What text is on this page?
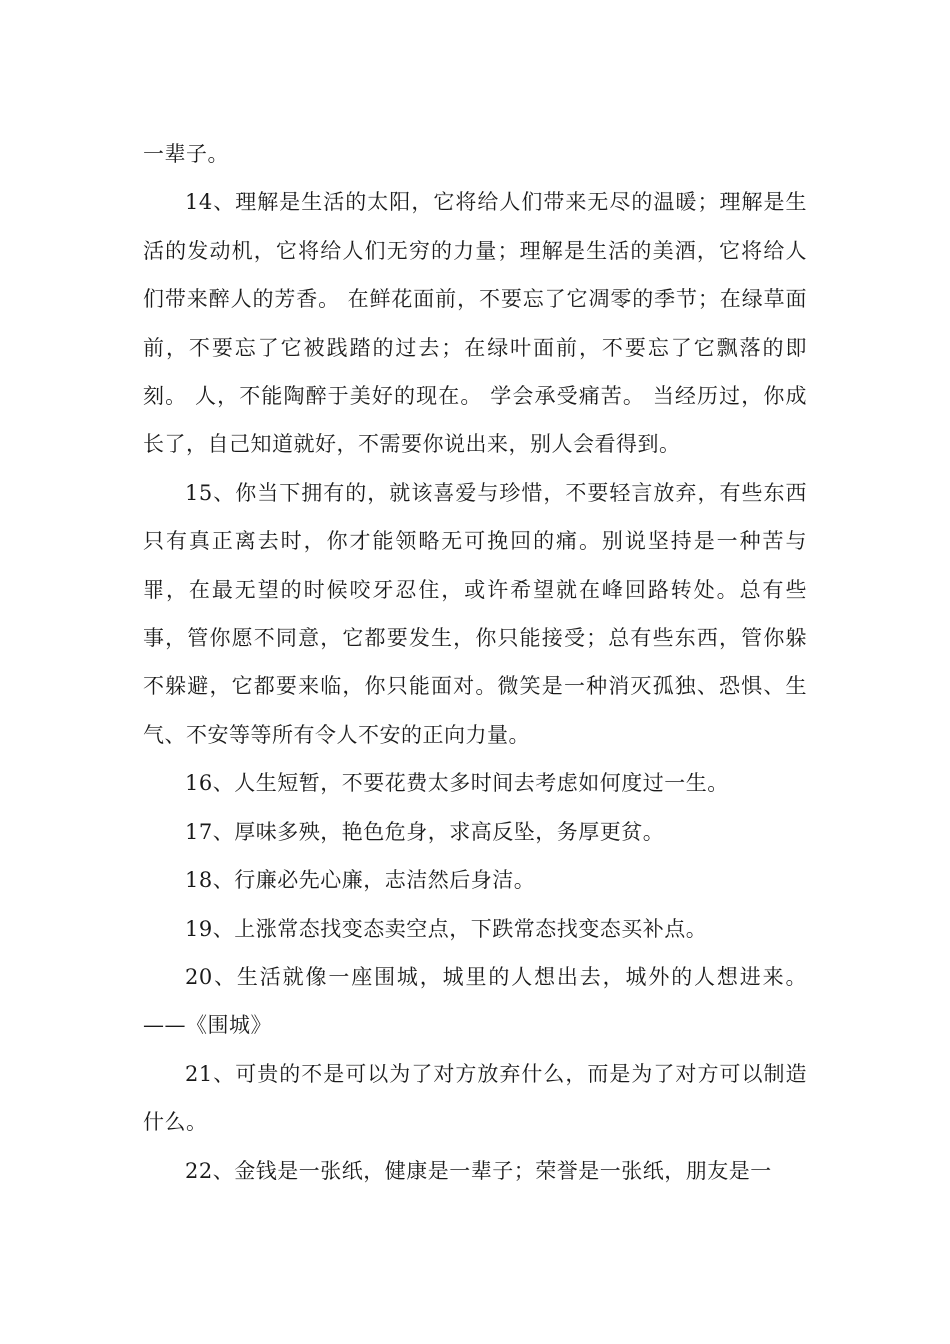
一辈子。

14、理解是生活的太阳，它将给人们带来无尽的温暖；理解是生活的发动机，它将给人们无穷的力量；理解是生活的美酒，它将给人们带来醉人的芳香。 在鲜花面前，不要忘了它凋零的季节；在绿草面前，不要忘了它被践踏的过去；在绿叶面前，不要忘了它飘落的即刻。 人，不能陶醉于美好的现在。 学会承受痛苦。 当经历过，你成长了，自己知道就好，不需要你说出来，别人会看得到。

15、你当下拥有的，就该喜爱与珍惜，不要轻言放弃，有些东西只有真正离去时，你才能领略无可挽回的痛。别说坚持是一种苦与罪，在最无望的时候咬牙忍住，或许希望就在峰回路转处。总有些事，管你愿不同意，它都要发生，你只能接受；总有些东西，管你躲不躲避，它都要来临，你只能面对。微笑是一种消灭孤独、恐惧、生气、不安等等所有令人不安的正向力量。

16、人生短暂，不要花费太多时间去考虑如何度过一生。

17、厚味多殃，艳色危身，求高反坠，务厚更贫。

18、行廉必先心廉，志洁然后身洁。

19、上涨常态找变态卖空点，下跌常态找变态买补点。

20、生活就像一座围城，城里的人想出去，城外的人想进来。——《围城》

21、可贵的不是可以为了对方放弃什么，而是为了对方可以制造什么。

22、金钱是一张纸，健康是一辈子；荣誉是一张纸，朋友是一
